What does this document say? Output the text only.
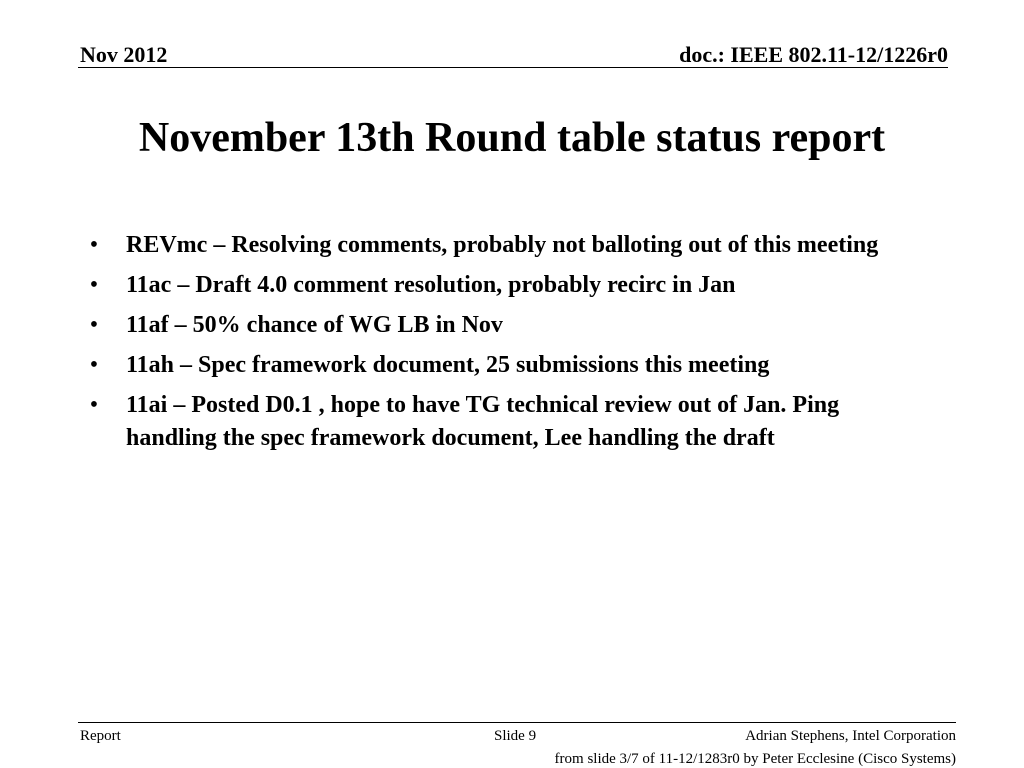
Nov 2012	doc.: IEEE 802.11-12/1226r0
November 13th Round table status report
• REVmc – Resolving comments, probably not balloting out of this meeting
• 11ac – Draft 4.0 comment resolution, probably recirc in Jan
• 11af – 50% chance of WG LB in Nov
• 11ah – Spec framework document, 25 submissions this meeting
• 11ai – Posted D0.1 , hope to have TG technical review out of Jan. Ping handling the spec framework document, Lee handling the draft
Report	Slide 9	Adrian Stephens, Intel Corporation
from slide 3/7 of 11-12/1283r0 by Peter Ecclesine (Cisco Systems)
